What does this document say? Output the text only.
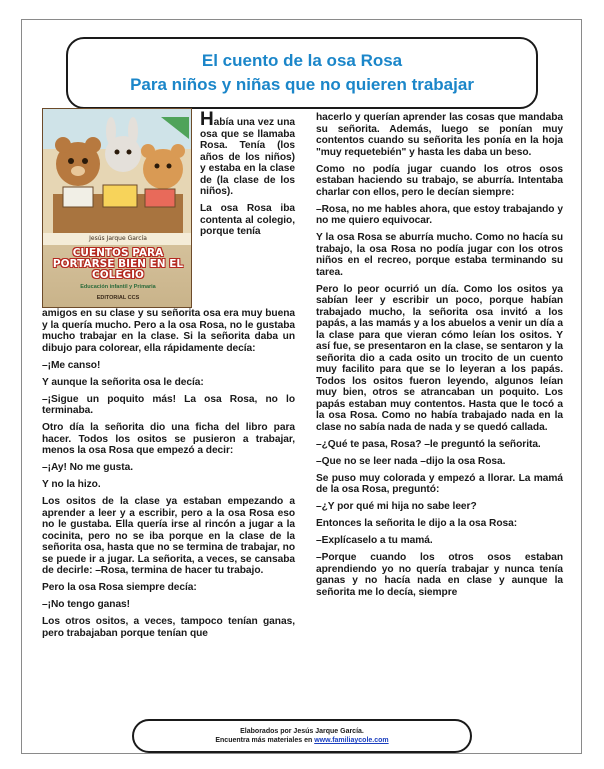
El cuento de la osa Rosa
Para niños y niñas que no quieren trabajar
Jesús Jarque García
CUENTOS PARA PORTARSE BIEN EN EL COLEGIO
Educación infantil y Primaria
EDITORIAL CCS

Había una vez una osa que se llamaba Rosa. Tenía (los años de los niños) y estaba en la clase de (la clase de los niños).

La osa Rosa iba contenta al colegio, porque tenía

amigos en su clase y su señorita osa era muy buena y la quería mucho. Pero a la osa Rosa, no le gustaba mucho trabajar en la clase. Si la señorita daba un dibujo para colorear, ella rápidamente decía:

–¡Me canso!

Y aunque la señorita osa le decía:

–¡Sigue un poquito más! La osa Rosa, no lo terminaba.

Otro día la señorita dio una ficha del libro para hacer. Todos los ositos se pusieron a trabajar, menos la osa Rosa que empezó a decir:

–¡Ay! No me gusta.

Y no la hizo.

Los ositos de la clase ya estaban empezando a aprender a leer y a escribir, pero a la osa Rosa eso no le gustaba. Ella quería irse al rincón a jugar a la cocinita, pero no se iba porque en la clase de la señorita osa, hasta que no se termina de trabajar, no se puede ir a jugar. La señorita, a veces, se cansaba de decirle: –Rosa, termina de hacer tu trabajo.

Pero la osa Rosa siempre decía:

–¡No tengo ganas!

Los otros ositos, a veces, tampoco tenían ganas, pero trabajaban porque tenían que

hacerlo y querían aprender las cosas que mandaba su señorita. Además, luego se ponían muy contentos cuando su señorita les ponía en la hoja "muy requetebién" y hasta les daba un beso.

Como no podía jugar cuando los otros osos estaban haciendo su trabajo, se aburría. Intentaba charlar con ellos, pero le decían siempre:

–Rosa, no me hables ahora, que estoy trabajando y no me quiero equivocar.

Y la osa Rosa se aburría mucho. Como no hacía su trabajo, la osa Rosa no podía jugar con los otros niños en el recreo, porque estaba terminando su tarea.

Pero lo peor ocurrió un día. Como los ositos ya sabían leer y escribir un poco, porque habían trabajado mucho, la señorita osa invitó a los papás, a las mamás y a los abuelos a venir un día a la clase para que vieran cómo leían los ositos. Y así fue, se presentaron en la clase, se sentaron y la señorita dio a cada osito un trocito de un cuento muy facilito para que se lo leyeran a los papás. Todos los ositos fueron leyendo, algunos leían muy bien, otros se atrancaban un poquito. Los papás estaban muy contentos. Hasta que le tocó a la osa Rosa. Como no había trabajado nada en la clase no sabía nada de nada y se quedó callada.

–¿Qué te pasa, Rosa? –le preguntó la señorita.

–Que no se leer nada –dijo la osa Rosa.

Se puso muy colorada y empezó a llorar. La mamá de la osa Rosa, preguntó:

–¿Y por qué mi hija no sabe leer?

Entonces la señorita le dijo a la osa Rosa:

–Explícaselo a tu mamá.

–Porque cuando los otros osos estaban aprendiendo yo no quería trabajar y nunca tenía ganas y no hacía nada en clase y aunque la señorita me lo decía, siempre

Elaborados por Jesús Jarque García.
Encuentra más materiales en www.familiaycole.com
